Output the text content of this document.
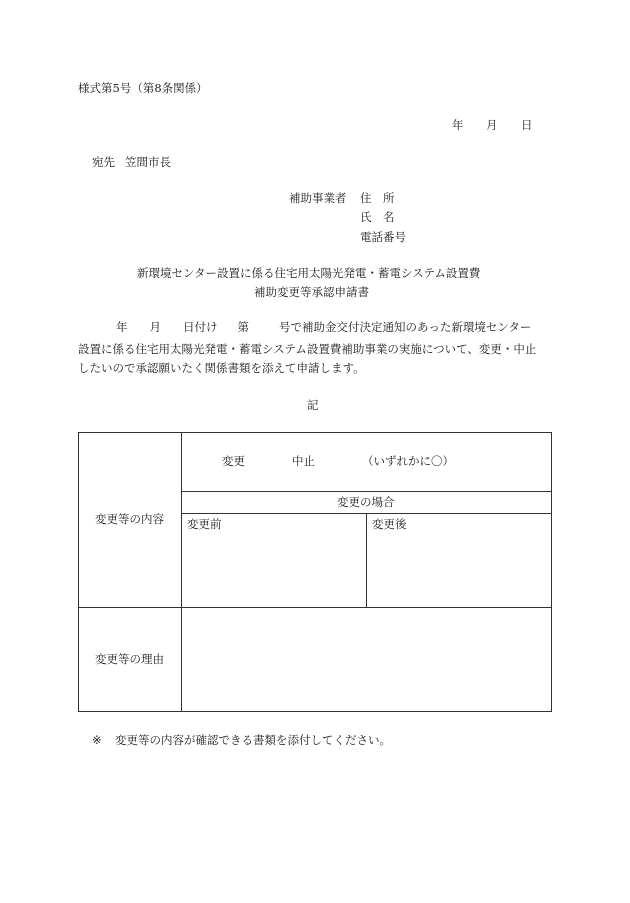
様式第5号（第8条関係）
年 月 日
宛先 笠間市長
補助事業者 住　所
氏　名
電話番号
新環境センター設置に係る住宅用太陽光発電・蓄電システム設置費
補助変更等承認申請書
年 月 日付け 第	号で補助金交付決定通知のあった新環境センター
設置に係る住宅用太陽光発電・蓄電システム設置費補助事業の実施について、変更・中止
したいので承認願いたく関係書類を添えて申請します。
記
変更等の内容
変更	中止	（いずれかに〇）
変更の場合
変更前	変更後
変更等の理由
※ 変更等の内容が確認できる書類を添付してください。
